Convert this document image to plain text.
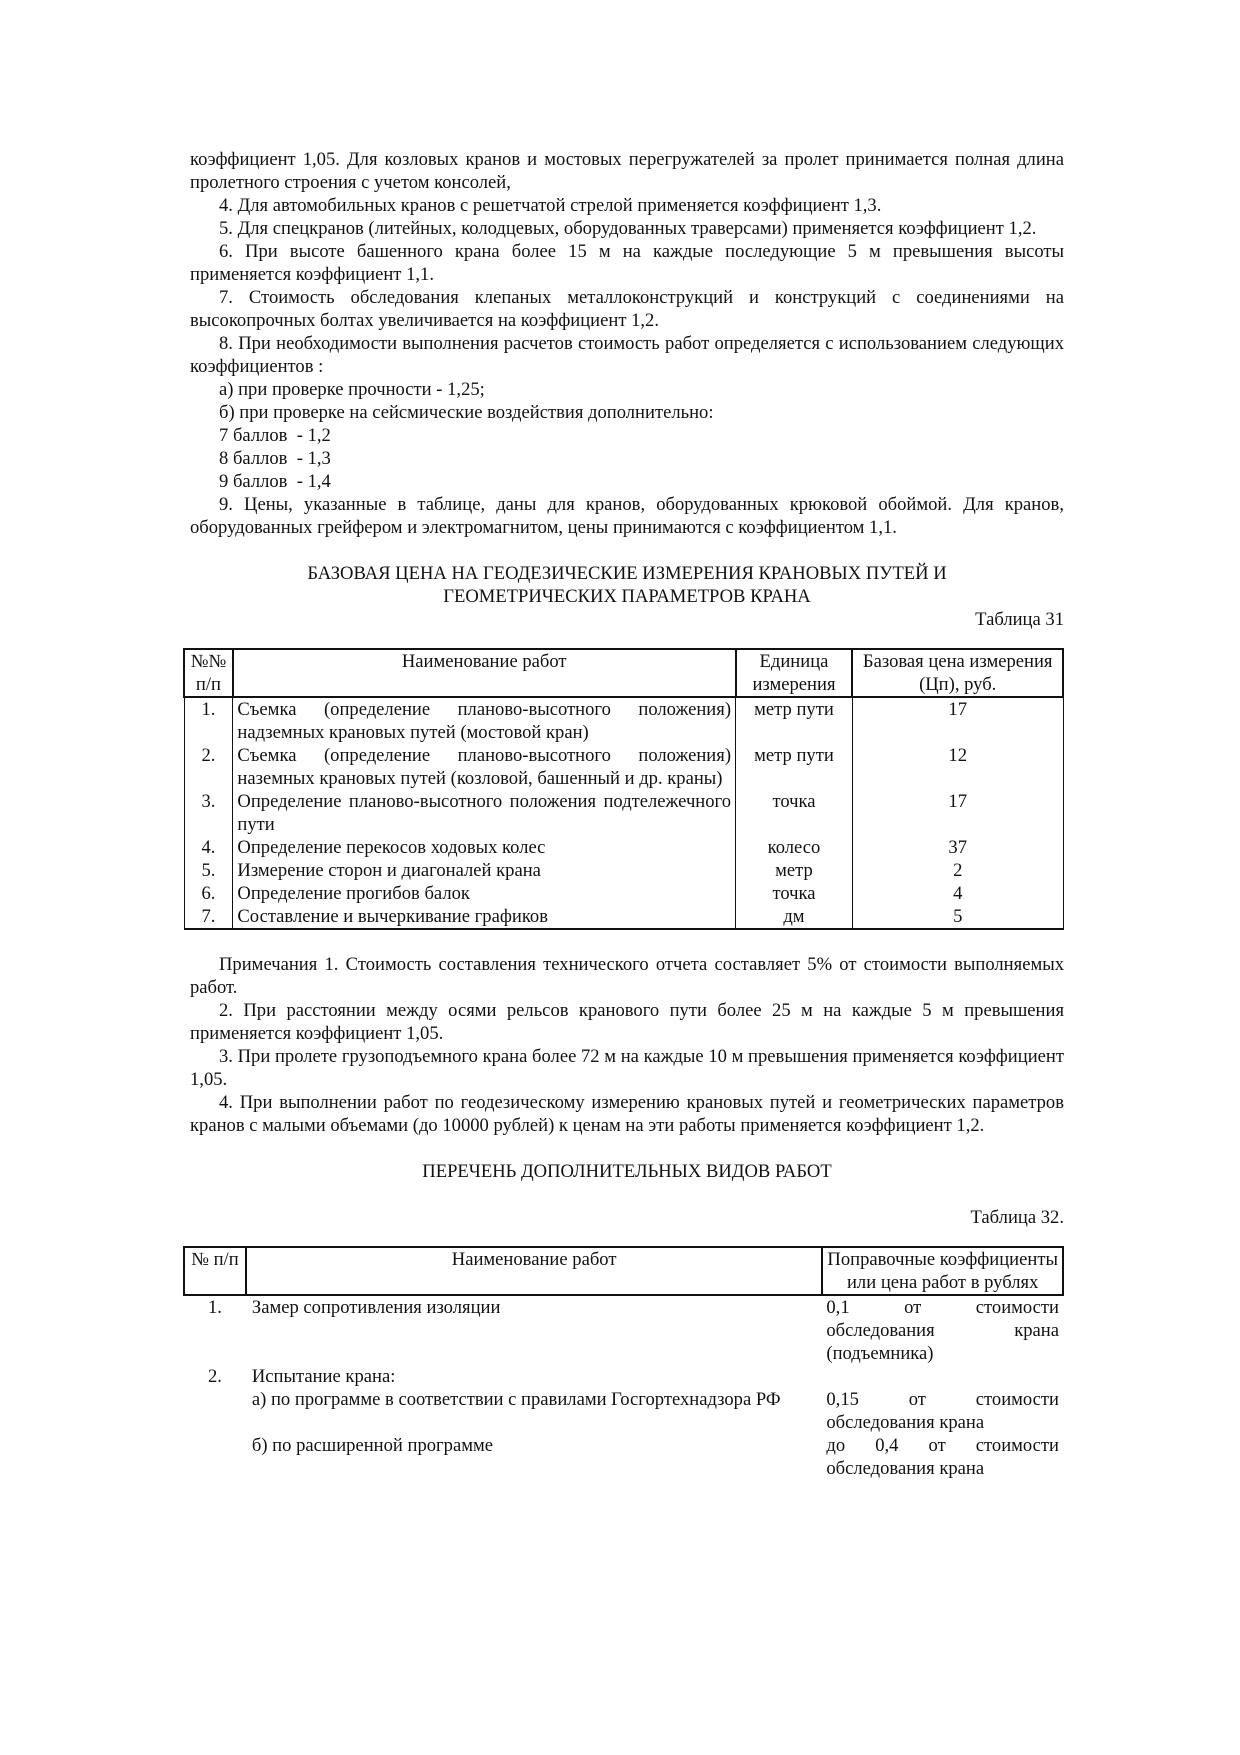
коэффициент 1,05. Для козловых кранов и мостовых перегружателей за пролет принимается полная длина пролетного строения с учетом консолей,

4. Для автомобильных кранов с решетчатой стрелой применяется коэффициент 1,3.

5. Для спецкранов (литейных, колодцевых, оборудованных траверсами) применяется коэффициент 1,2.

6. При высоте башенного крана более 15 м на каждые последующие 5 м превышения высоты применяется коэффициент 1,1.

7. Стоимость обследования клепаных металлоконструкций и конструкций с соединениями на высокопрочных болтах увеличивается на коэффициент 1,2.

8. При необходимости выполнения расчетов стоимость работ определяется с использованием следующих коэффициентов :

а) при проверке прочности - 1,25;

б) при проверке на сейсмические воздействия дополнительно:

7 баллов  - 1,2

8 баллов  - 1,3

9 баллов  - 1,4

9. Цены, указанные в таблице, даны для кранов, оборудованных крюковой обоймой. Для кранов, оборудованных грейфером и электромагнитом, цены принимаются с коэффициентом 1,1.

БАЗОВАЯ ЦЕНА НА ГЕОДЕЗИЧЕСКИЕ ИЗМЕРЕНИЯ КРАНОВЫХ ПУТЕЙ И
ГЕОМЕТРИЧЕСКИХ ПАРАМЕТРОВ КРАНА

Таблица 31

№№ п/п	Наименование работ	Единица измерения	Базовая цена измерения (Цп), руб.
1.	Съемка (определение планово-высотного положения) надземных крановых путей (мостовой кран)	метр пути	17
2.	Съемка (определение планово-высотного положения) наземных крановых путей (козловой, башенный и др. краны)	метр пути	12
3.	Определение планово-высотного положения подтележечного пути	точка	17
4.	Определение перекосов ходовых колес	колесо	37
5.	Измерение сторон и диагоналей крана	метр	2
6.	Определение прогибов балок	точка	4
7.	Составление и вычеркивание графиков	дм	5

Примечания 1. Стоимость составления технического отчета составляет 5% от стоимости выполняемых работ.

2. При расстоянии между осями рельсов кранового пути более 25 м на каждые 5 м превышения применяется коэффициент 1,05.

3. При пролете грузоподъемного крана более 72 м на каждые 10 м превышения применяется коэффициент 1,05.

4. При выполнении работ по геодезическому измерению крановых путей и геометрических параметров кранов с малыми объемами (до 10000 рублей) к ценам на эти работы применяется коэффициент 1,2.

ПЕРЕЧЕНЬ ДОПОЛНИТЕЛЬНЫХ ВИДОВ РАБОТ

Таблица 32.

№ п/п	Наименование работ	Поправочные коэффициенты или цена работ в рублях
1.	Замер сопротивления изоляции	0,1 от стоимости обследования крана (подъемника)
2.	Испытание крана:	
	а) по программе в соответствии с правилами Госгортехнадзора РФ	0,15 от стоимости обследования крана
	б) по расширенной программе	до 0,4 от стоимости обследования крана
